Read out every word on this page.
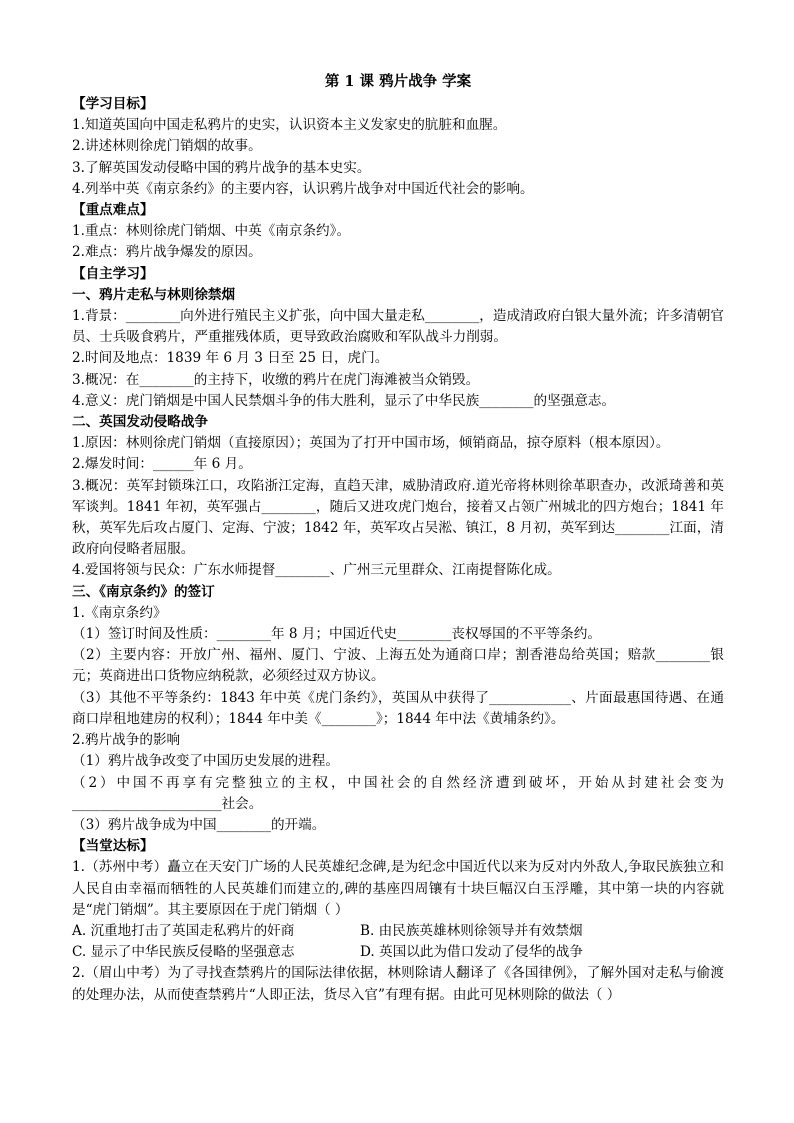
第 1 课 鸦片战争 学案
【学习目标】
1.知道英国向中国走私鸦片的史实，认识资本主义发家史的肮脏和血腥。
2.讲述林则徐虎门销烟的故事。
3.了解英国发动侵略中国的鸦片战争的基本史实。
4.列举中英《南京条约》的主要内容，认识鸦片战争对中国近代社会的影响。
【重点难点】
1.重点：林则徐虎门销烟、中英《南京条约》。
2.难点：鸦片战争爆发的原因。
【自主学习】
一、鸦片走私与林则徐禁烟
1.背景：________向外进行殖民主义扩张，向中国大量走私________，造成清政府白银大量外流；许多清朝官员、士兵吸食鸦片，严重摧残体质，更导致政治腐败和军队战斗力削弱。
2.时间及地点：1839 年 6 月 3 日至 25 日，虎门。
3.概况：在________的主持下，收缴的鸦片在虎门海滩被当众销毁。
4.意义：虎门销烟是中国人民禁烟斗争的伟大胜利，显示了中华民族________的坚强意志。
二、英国发动侵略战争
1.原因：林则徐虎门销烟（直接原因）；英国为了打开中国市场，倾销商品，掠夺原料（根本原因）。
2.爆发时间：______年 6 月。
3.概况：英军封锁珠江口，攻陷浙江定海，直趋天津，威胁清政府.道光帝将林则徐革职查办，改派琦善和英军谈判。1841 年初，英军强占________，随后又进攻虎门炮台，接着又占领广州城北的四方炮台；1841 年秋，英军先后攻占厦门、定海、宁波；1842 年，英军攻占吴淞、镇江，8 月初，英军到达________江面，清政府向侵略者屈服。
4.爱国将领与民众：广东水师提督________、广州三元里群众、江南提督陈化成。
三、《南京条约》的签订
1.《南京条约》
（1）签订时间及性质：________年 8 月；中国近代史________丧权辱国的不平等条约。
（2）主要内容：开放广州、福州、厦门、宁波、上海五处为通商口岸；割香港岛给英国；赔款________银元；英商进出口货物应纳税款，必须经过双方协议。
（3）其他不平等条约：1843 年中英《虎门条约》，英国从中获得了____________、片面最惠国待遇、在通商口岸租地建房的权利）；1844 年中美《________》；1844 年中法《黄埔条约》。
2.鸦片战争的影响
（1）鸦片战争改变了中国历史发展的进程。
（2）中国不再享有完整独立的主权，中国社会的自然经济遭到破坏，开始从封建社会变为______________________社会。
（3）鸦片战争成为中国________的开端。
【当堂达标】
1.（苏州中考）矗立在天安门广场的人民英雄纪念碑,是为纪念中国近代以来为反对内外敌人,争取民族独立和人民自由幸福而牺牲的人民英雄们而建立的,碑的基座四周镶有十块巨幅汉白玉浮雕，其中第一块的内容就是“虎门销烟”。其主要原因在于虎门销烟（ ）
A. 沉重地打击了英国走私鸦片的奸商	B. 由民族英雄林则徐领导并有效禁烟
C. 显示了中华民族反侵略的坚强意志	D. 英国以此为借口发动了侵华的战争
2.（眉山中考）为了寻找查禁鸦片的国际法律依据，林则除请人翻译了《各国律例》，了解外国对走私与偷渡的处理办法，从而使查禁鸦片“人即正法，货尽入官”有理有据。由此可见林则除的做法（ ）
